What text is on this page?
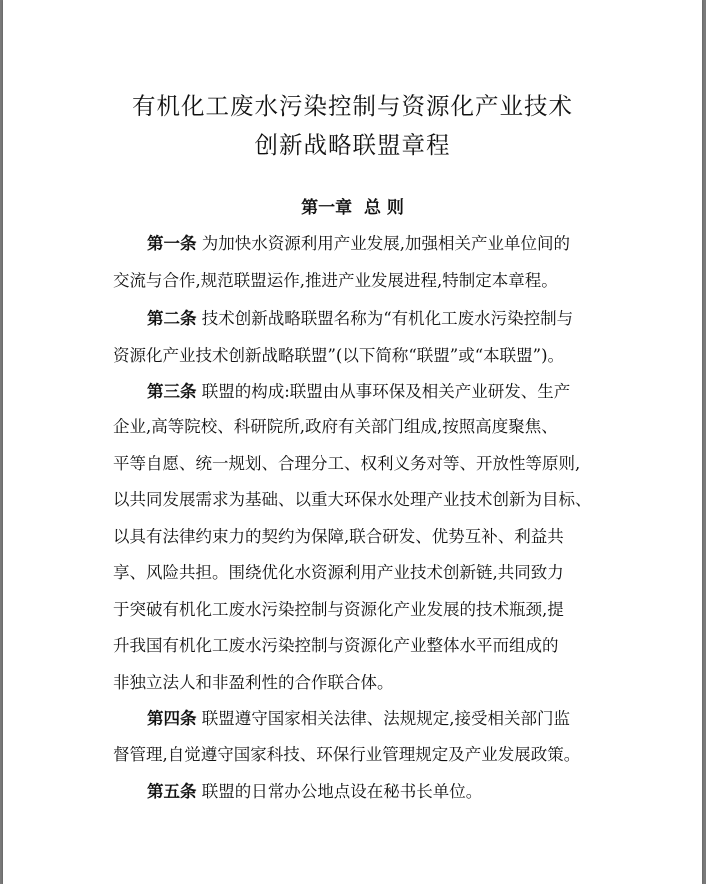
有机化工废水污染控制与资源化产业技术
创新战略联盟章程
第一章  总 则
第一条 为加快水资源利用产业发展,加强相关产业单位间的
交流与合作,规范联盟运作,推进产业发展进程,特制定本章程。
第二条 技术创新战略联盟名称为“有机化工废水污染控制与
资源化产业技术创新战略联盟”(以下简称“联盟”或“本联盟”)。
第三条 联盟的构成:联盟由从事环保及相关产业研发、生产
企业,高等院校、科研院所,政府有关部门组成,按照高度聚焦、
平等自愿、统一规划、合理分工、权利义务对等、开放性等原则,
以共同发展需求为基础、以重大环保水处理产业技术创新为目标、
以具有法律约束力的契约为保障,联合研发、优势互补、利益共
享、风险共担。围绕优化水资源利用产业技术创新链,共同致力
于突破有机化工废水污染控制与资源化产业发展的技术瓶颈,提
升我国有机化工废水污染控制与资源化产业整体水平而组成的
非独立法人和非盈利性的合作联合体。
第四条 联盟遵守国家相关法律、法规规定,接受相关部门监
督管理,自觉遵守国家科技、环保行业管理规定及产业发展政策。
第五条 联盟的日常办公地点设在秘书长单位。
